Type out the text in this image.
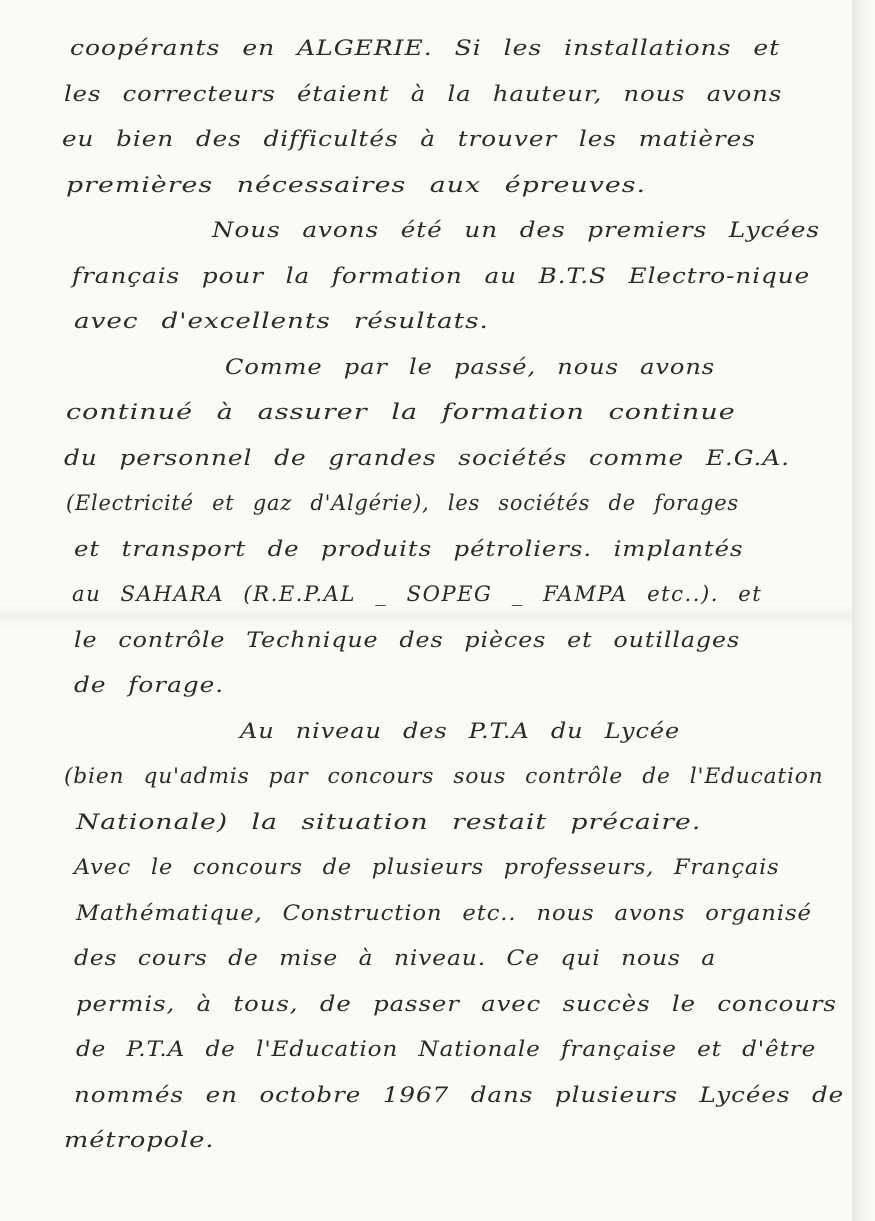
coopérants en ALGERIE. Si les installations et
les correcteurs étaient à la hauteur, nous avons
eu bien des difficultés à trouver les matières
premières nécessaires aux épreuves.
Nous avons été un des premiers Lycées
français pour la formation au B.T.S Electro-nique
avec d'excellents résultats.
Comme par le passé, nous avons
continué à assurer la formation continue
du personnel de grandes sociétés comme E.G.A.
(Electricité et gaz d'Algérie), les sociétés de forages
et transport de produits pétroliers. implantés
au SAHARA (R.E.P.AL _ SOPEG _ FAMPA etc..). et
le contrôle Technique des pièces et outillages
de forage.
Au niveau des P.T.A du Lycée
(bien qu'admis par concours sous contrôle de l'Education
Nationale) la situation restait précaire.
Avec le concours de plusieurs professeurs, Français
Mathématique, Construction etc.. nous avons organisé
des cours de mise à niveau. Ce qui nous a
permis, à tous, de passer avec succès le concours
de P.T.A de l'Education Nationale française et d'être
nommés en octobre 1967 dans plusieurs Lycées de
métropole.
